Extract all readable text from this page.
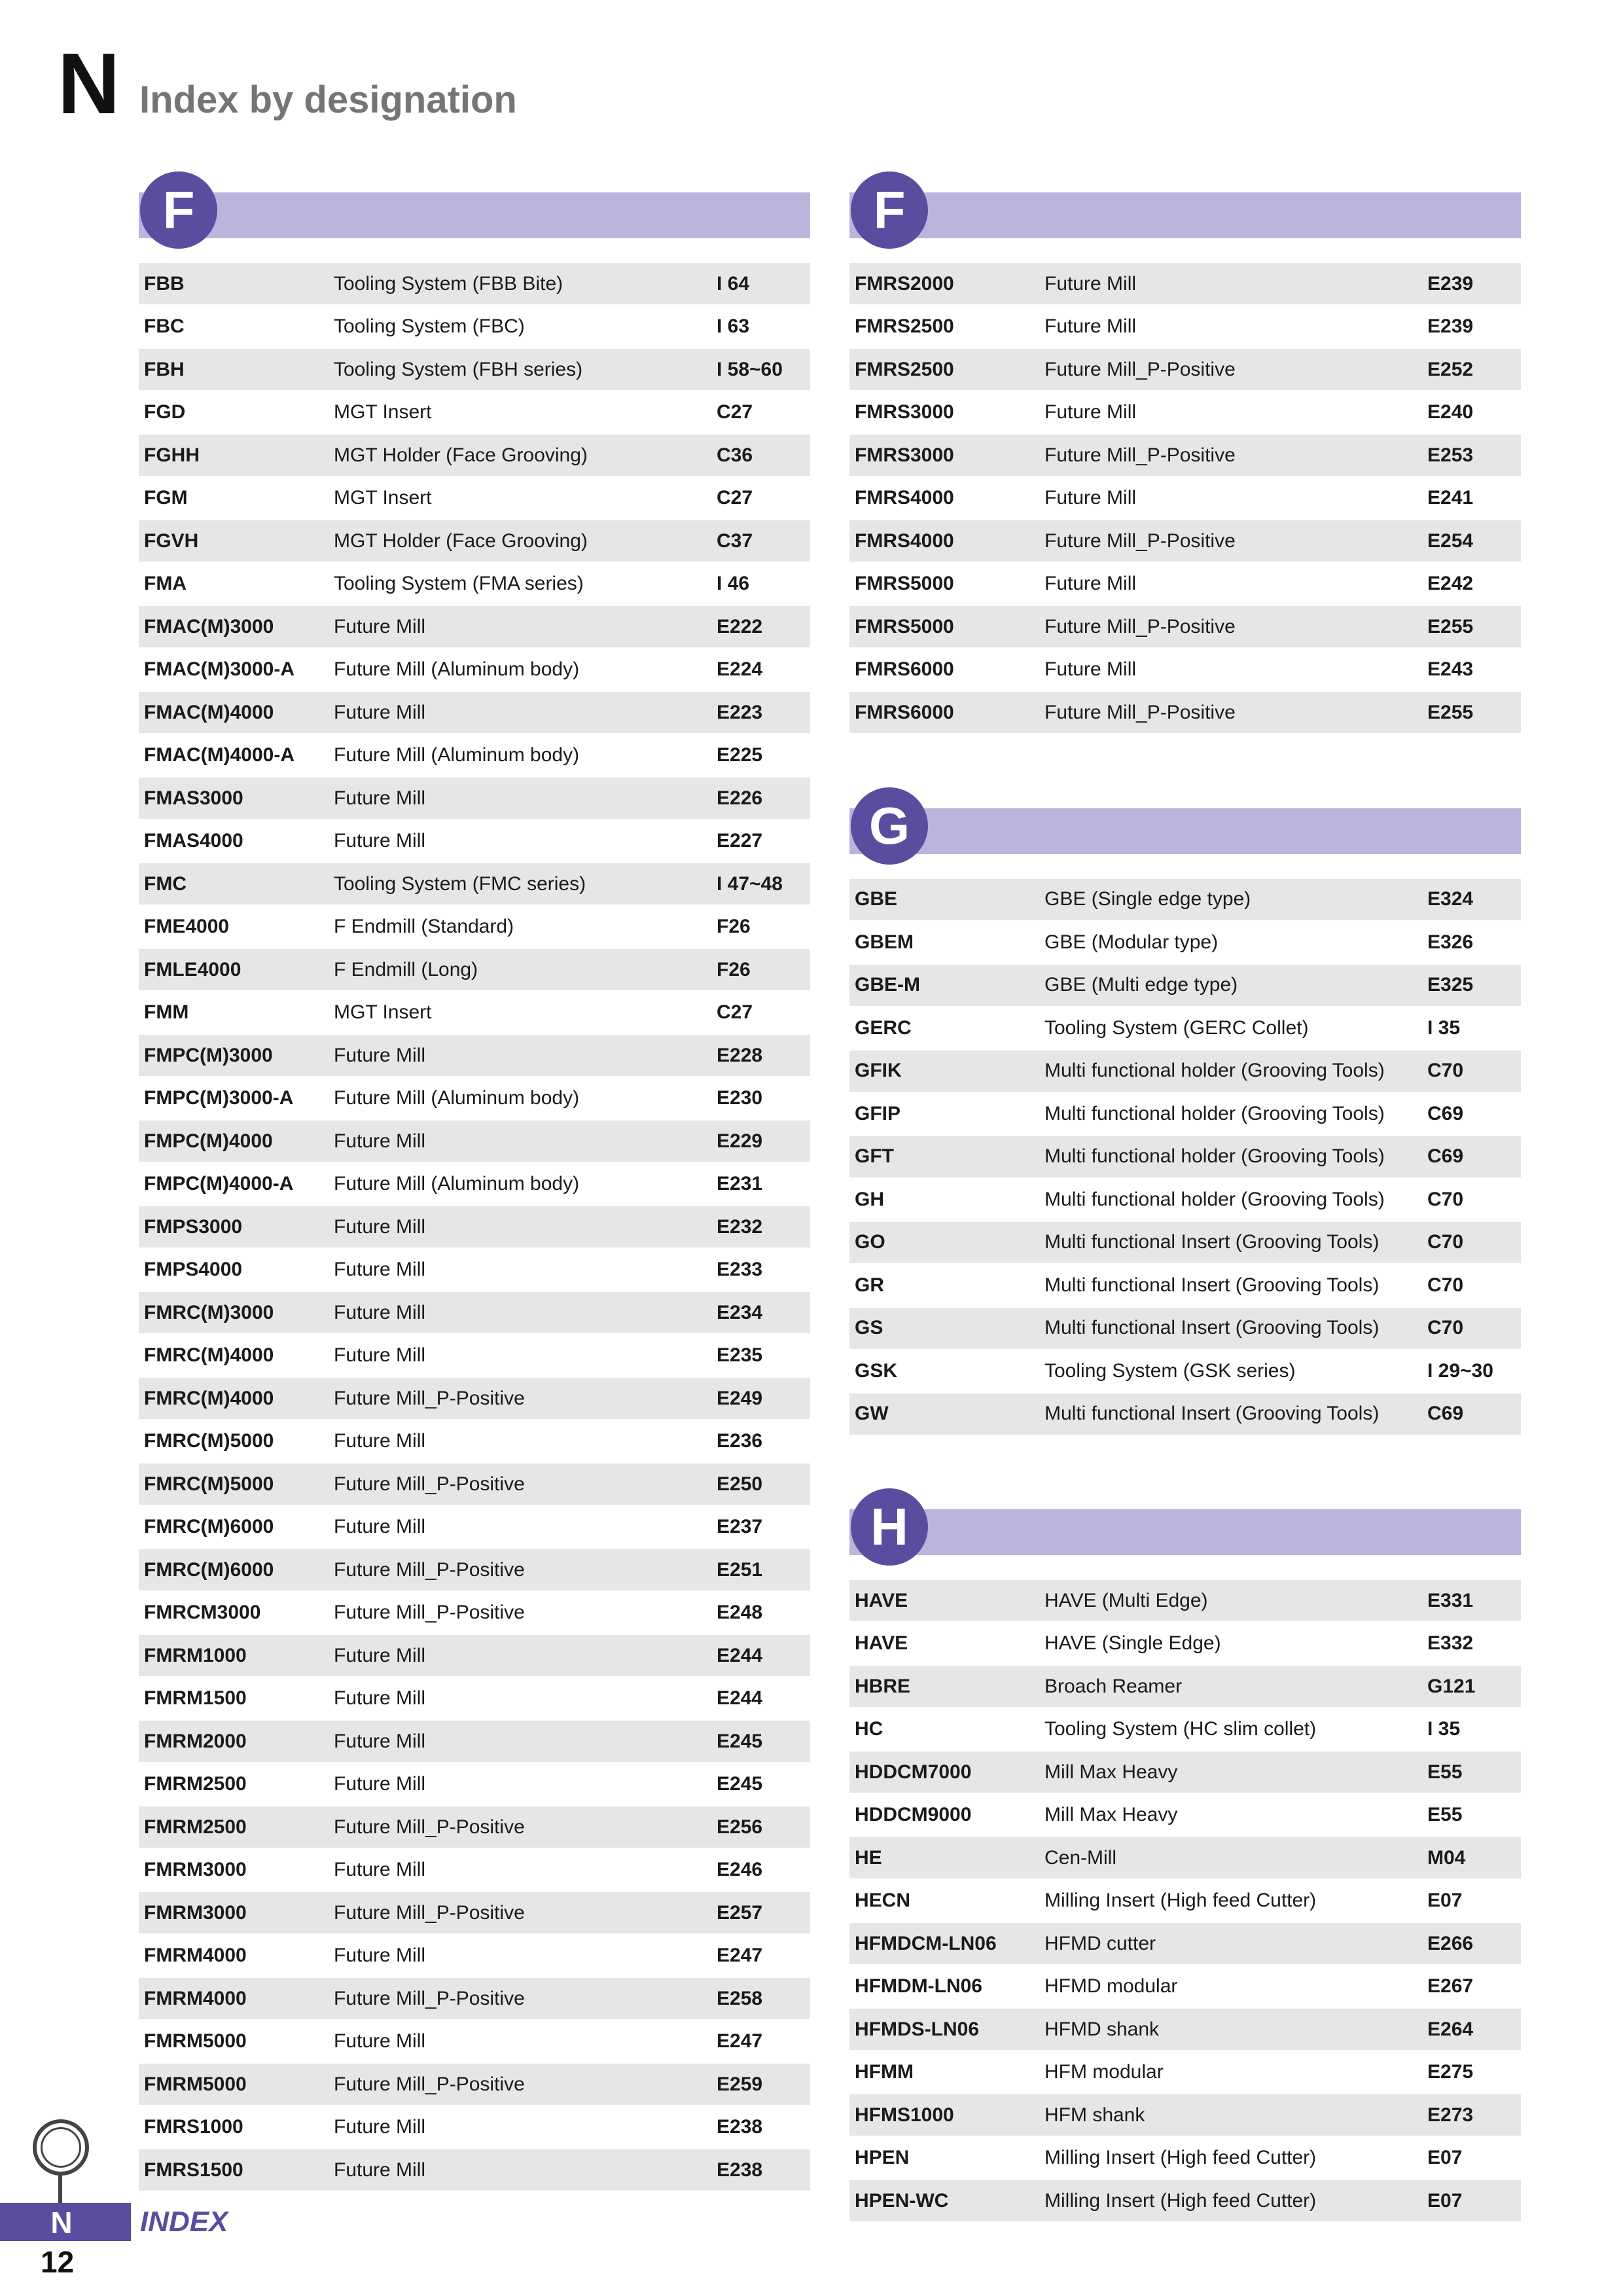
N Index by designation
F
FBB	Tooling System (FBB Bite)	I 64
FBC	Tooling System (FBC)	I 63
FBH	Tooling System (FBH series)	I 58~60
FGD	MGT Insert	C27
FGHH	MGT Holder (Face Grooving)	C36
FGM	MGT Insert	C27
FGVH	MGT Holder (Face Grooving)	C37
FMA	Tooling System (FMA series)	I 46
FMAC(M)3000	Future Mill	E222
FMAC(M)3000-A	Future Mill (Aluminum body)	E224
FMAC(M)4000	Future Mill	E223
FMAC(M)4000-A	Future Mill (Aluminum body)	E225
FMAS3000	Future Mill	E226
FMAS4000	Future Mill	E227
FMC	Tooling System (FMC series)	I 47~48
FME4000	F Endmill (Standard)	F26
FMLE4000	F Endmill (Long)	F26
FMM	MGT Insert	C27
FMPC(M)3000	Future Mill	E228
FMPC(M)3000-A	Future Mill (Aluminum body)	E230
FMPC(M)4000	Future Mill	E229
FMPC(M)4000-A	Future Mill (Aluminum body)	E231
FMPS3000	Future Mill	E232
FMPS4000	Future Mill	E233
FMRC(M)3000	Future Mill	E234
FMRC(M)4000	Future Mill	E235
FMRC(M)4000	Future Mill_P-Positive	E249
FMRC(M)5000	Future Mill	E236
FMRC(M)5000	Future Mill_P-Positive	E250
FMRC(M)6000	Future Mill	E237
FMRC(M)6000	Future Mill_P-Positive	E251
FMRCM3000	Future Mill_P-Positive	E248
FMRM1000	Future Mill	E244
FMRM1500	Future Mill	E244
FMRM2000	Future Mill	E245
FMRM2500	Future Mill	E245
FMRM2500	Future Mill_P-Positive	E256
FMRM3000	Future Mill	E246
FMRM3000	Future Mill_P-Positive	E257
FMRM4000	Future Mill	E247
FMRM4000	Future Mill_P-Positive	E258
FMRM5000	Future Mill	E247
FMRM5000	Future Mill_P-Positive	E259
FMRS1000	Future Mill	E238
FMRS1500	Future Mill	E238
F
FMRS2000	Future Mill	E239
FMRS2500	Future Mill	E239
FMRS2500	Future Mill_P-Positive	E252
FMRS3000	Future Mill	E240
FMRS3000	Future Mill_P-Positive	E253
FMRS4000	Future Mill	E241
FMRS4000	Future Mill_P-Positive	E254
FMRS5000	Future Mill	E242
FMRS5000	Future Mill_P-Positive	E255
FMRS6000	Future Mill	E243
FMRS6000	Future Mill_P-Positive	E255
G
GBE	GBE (Single edge type)	E324
GBEM	GBE (Modular type)	E326
GBE-M	GBE (Multi edge type)	E325
GERC	Tooling System (GERC Collet)	I 35
GFIK	Multi functional holder (Grooving Tools)	C70
GFIP	Multi functional holder (Grooving Tools)	C69
GFT	Multi functional holder (Grooving Tools)	C69
GH	Multi functional holder (Grooving Tools)	C70
GO	Multi functional Insert (Grooving Tools)	C70
GR	Multi functional Insert (Grooving Tools)	C70
GS	Multi functional Insert (Grooving Tools)	C70
GSK	Tooling System (GSK series)	I 29~30
GW	Multi functional Insert (Grooving Tools)	C69
H
HAVE	HAVE (Multi Edge)	E331
HAVE	HAVE (Single Edge)	E332
HBRE	Broach Reamer	G121
HC	Tooling System (HC slim collet)	I 35
HDDCM7000	Mill Max Heavy	E55
HDDCM9000	Mill Max Heavy	E55
HE	Cen-Mill	M04
HECN	Milling Insert (High feed Cutter)	E07
HFMDCM-LN06	HFMD cutter	E266
HFMDM-LN06	HFMD modular	E267
HFMDS-LN06	HFMD shank	E264
HFMM	HFM modular	E275
HFMS1000	HFM shank	E273
HPEN	Milling Insert (High feed Cutter)	E07
HPEN-WC	Milling Insert (High feed Cutter)	E07
N INDEX
12
